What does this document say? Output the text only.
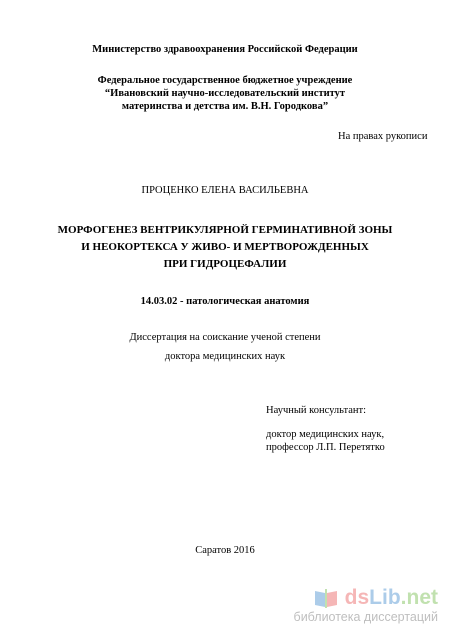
Министерство здравоохранения Российской Федерации
Федеральное государственное бюджетное учреждение
“Ивановский научно-исследовательский институт
материнства и детства им. В.Н. Городкова”
На правах рукописи
ПРОЦЕНКО ЕЛЕНА ВАСИЛЬЕВНА
МОРФОГЕНЕЗ ВЕНТРИКУЛЯРНОЙ ГЕРМИНАТИВНОЙ ЗОНЫ
И НЕОКОРТЕКСА У ЖИВО- И МЕРТВОРОЖДЕННЫХ
ПРИ ГИДРОЦЕФАЛИИ
14.03.02 - патологическая анатомия
Диссертация на соискание ученой степени
доктора медицинских наук
Научный консультант:
доктор медицинских наук,
профессор Л.П. Перетятко
Саратов 2016
dsLib.net
библиотека диссертаций
